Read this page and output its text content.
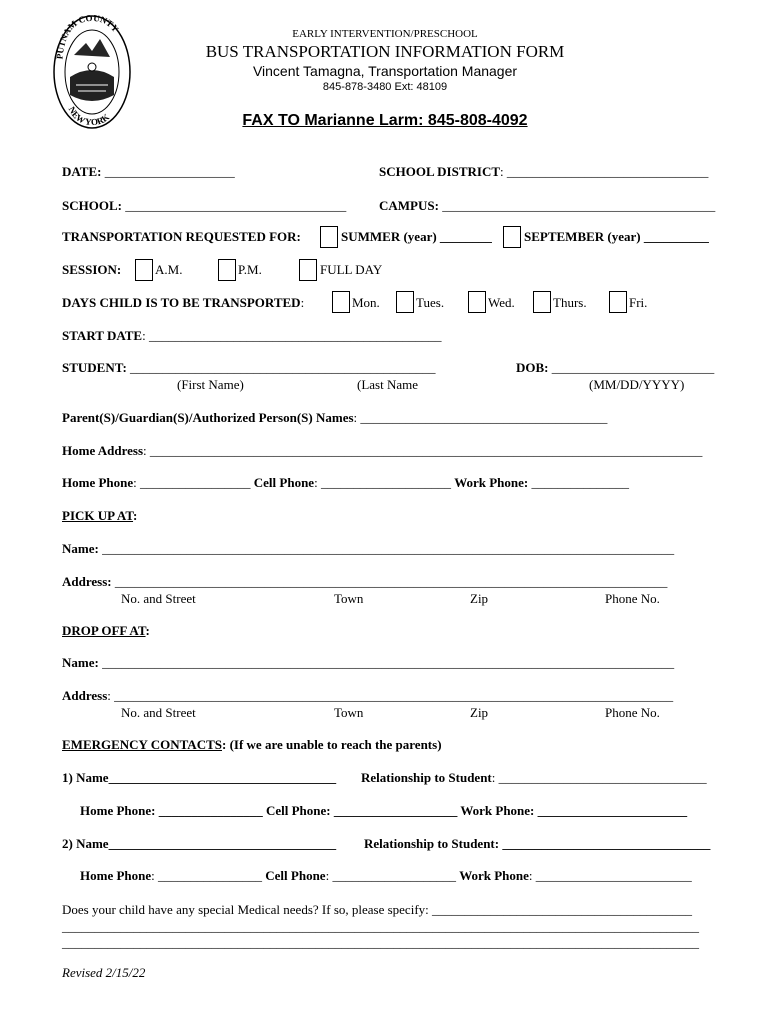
PUTNAM COUNTY
NEW YORK
EARLY INTERVENTION/PRESCHOOL
BUS TRANSPORTATION INFORMATION FORM
Vincent Tamagna, Transportation Manager
845-878-3480 Ext: 48109
FAX TO Marianne Larm: 845-808-4092
DATE: ____________________	SCHOOL DISTRICT: _______________________________
SCHOOL: __________________________________	CAMPUS: __________________________________________
TRANSPORTATION REQUESTED FOR:	SUMMER (year) ________ SEPTEMBER (year) __________
SESSION:	A.M.	P.M.	FULL DAY
DAYS CHILD IS TO BE TRANSPORTED:	Mon.	Tues.	Wed.	Thurs.	Fri.
START DATE: _____________________________________________
STUDENT: _______________________________________________	DOB: _________________________
(First Name)	(Last Name	(MM/DD/YYYY)
Parent(S)/Guardian(S)/Authorized Person(S) Names: ______________________________________
Home Address: _____________________________________________________________________________________
Home Phone: _________________ Cell Phone: ____________________ Work Phone: _______________
PICK UP AT:
Name: ________________________________________________________________________________________
Address: _____________________________________________________________________________________
No. and Street	Town	Zip	Phone No.
DROP OFF AT:
Name: ________________________________________________________________________________________
Address: ______________________________________________________________________________________
No. and Street	Town	Zip	Phone No.
EMERGENCY CONTACTS: (If we are unable to reach the parents)
1) Name___________________________________ Relationship to Student: ________________________________
Home Phone: ________________ Cell Phone: ___________________ Work Phone: _______________________
2) Name___________________________________ Relationship to Student: ________________________________
Home Phone: ________________ Cell Phone: ___________________ Work Phone: ________________________
Does your child have any special Medical needs? If so, please specify: ________________________________________
__________________________________________________________________________________________________
__________________________________________________________________________________________________
Revised 2/15/22
